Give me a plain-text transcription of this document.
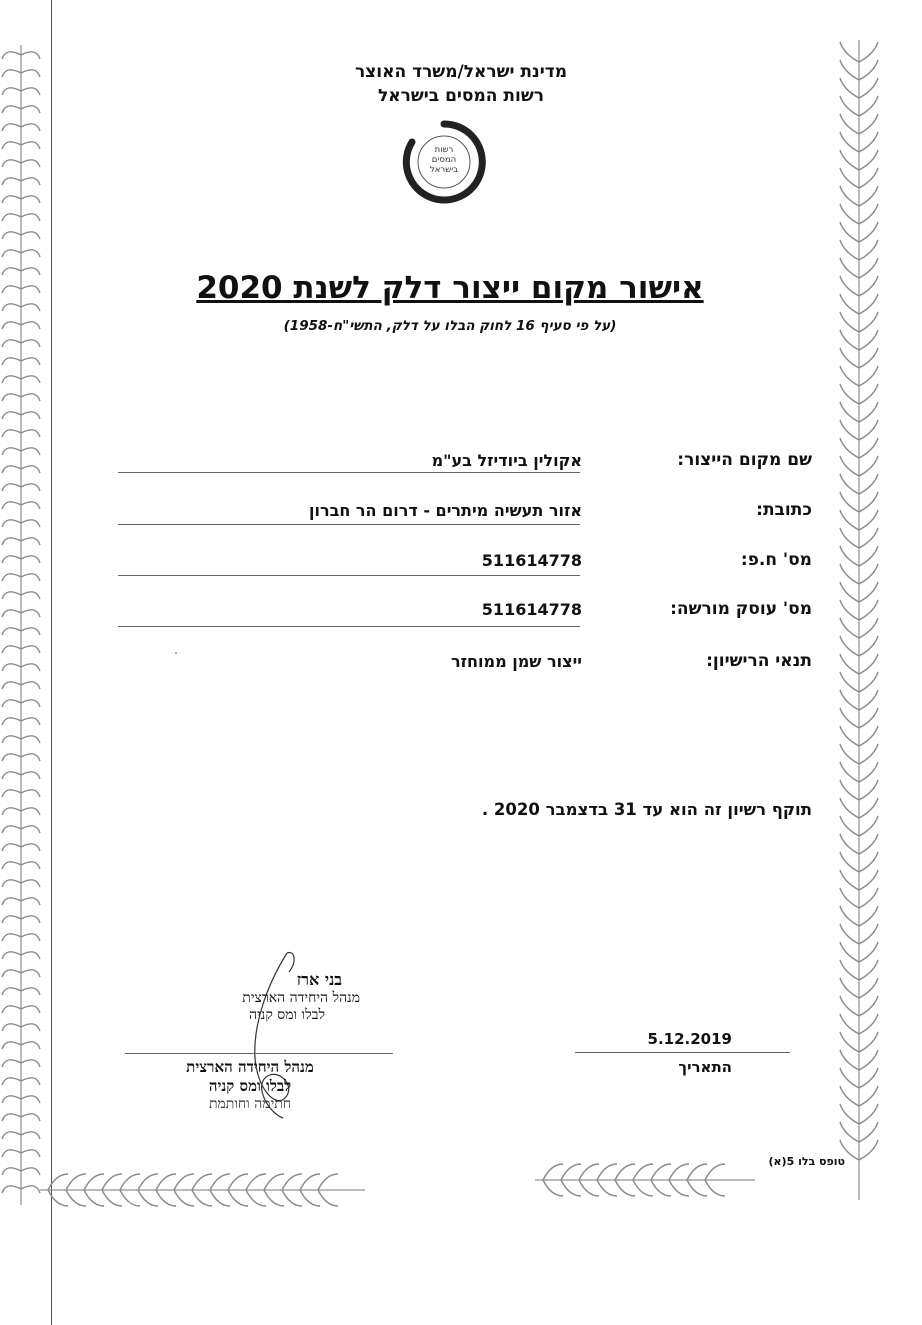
מדינת ישראל/משרד האוצר
רשות המסים בישראל
רשות
המסים
בישראל
אישור מקום ייצור דלק לשנת 2020
(על פי סעיף 16 לחוק הבלו על דלק, התשי"ח-1958)
שם מקום הייצור:
אקולין ביודיזל בע"מ
כתובת:
אזור תעשיה מיתרים - דרום הר חברון
מס' ח.פ:
511614778
מס' עוסק מורשה:
511614778
תנאי הרישיון:
ייצור שמן ממוחזר
תוקף רשיון זה הוא עד 31 בדצמבר 2020 .
בני ארז
מנהל היחידה הארצית
לבלו ומס קניה
מנהל היחידה הארצית
לבלו ומס קניה
חתימה וחותמת
5.12.2019
התאריך
טופס בלו 5(א)
